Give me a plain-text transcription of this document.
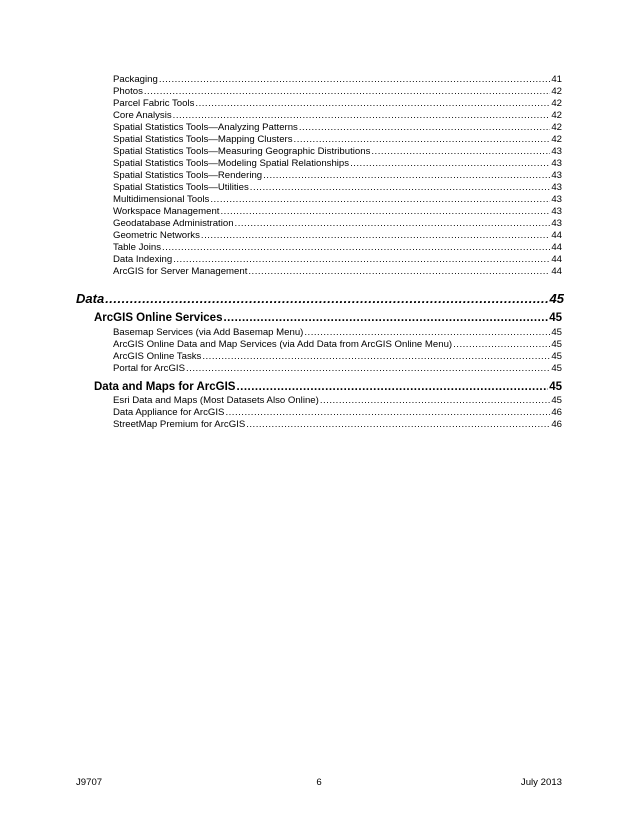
Packaging .....	41
Photos .....	42
Parcel Fabric Tools .....	42
Core Analysis .....	42
Spatial Statistics Tools—Analyzing Patterns .....	42
Spatial Statistics Tools—Mapping Clusters .....	42
Spatial Statistics Tools—Measuring Geographic Distributions .....	43
Spatial Statistics Tools—Modeling Spatial Relationships .....	43
Spatial Statistics Tools—Rendering .....	43
Spatial Statistics Tools—Utilities .....	43
Multidimensional Tools .....	43
Workspace Management .....	43
Geodatabase Administration .....	43
Geometric Networks .....	44
Table Joins .....	44
Data Indexing .....	44
ArcGIS for Server Management .....	44
Data .....	45
ArcGIS Online Services .....	45
Basemap Services (via Add Basemap Menu) .....	45
ArcGIS Online Data and Map Services (via Add Data from ArcGIS Online Menu) .....	45
ArcGIS Online Tasks .....	45
Portal for ArcGIS .....	45
Data and Maps for ArcGIS .....	45
Esri Data and Maps (Most Datasets Also Online) .....	45
Data Appliance for ArcGIS .....	46
StreetMap Premium for ArcGIS .....	46
J9707	6	July 2013
